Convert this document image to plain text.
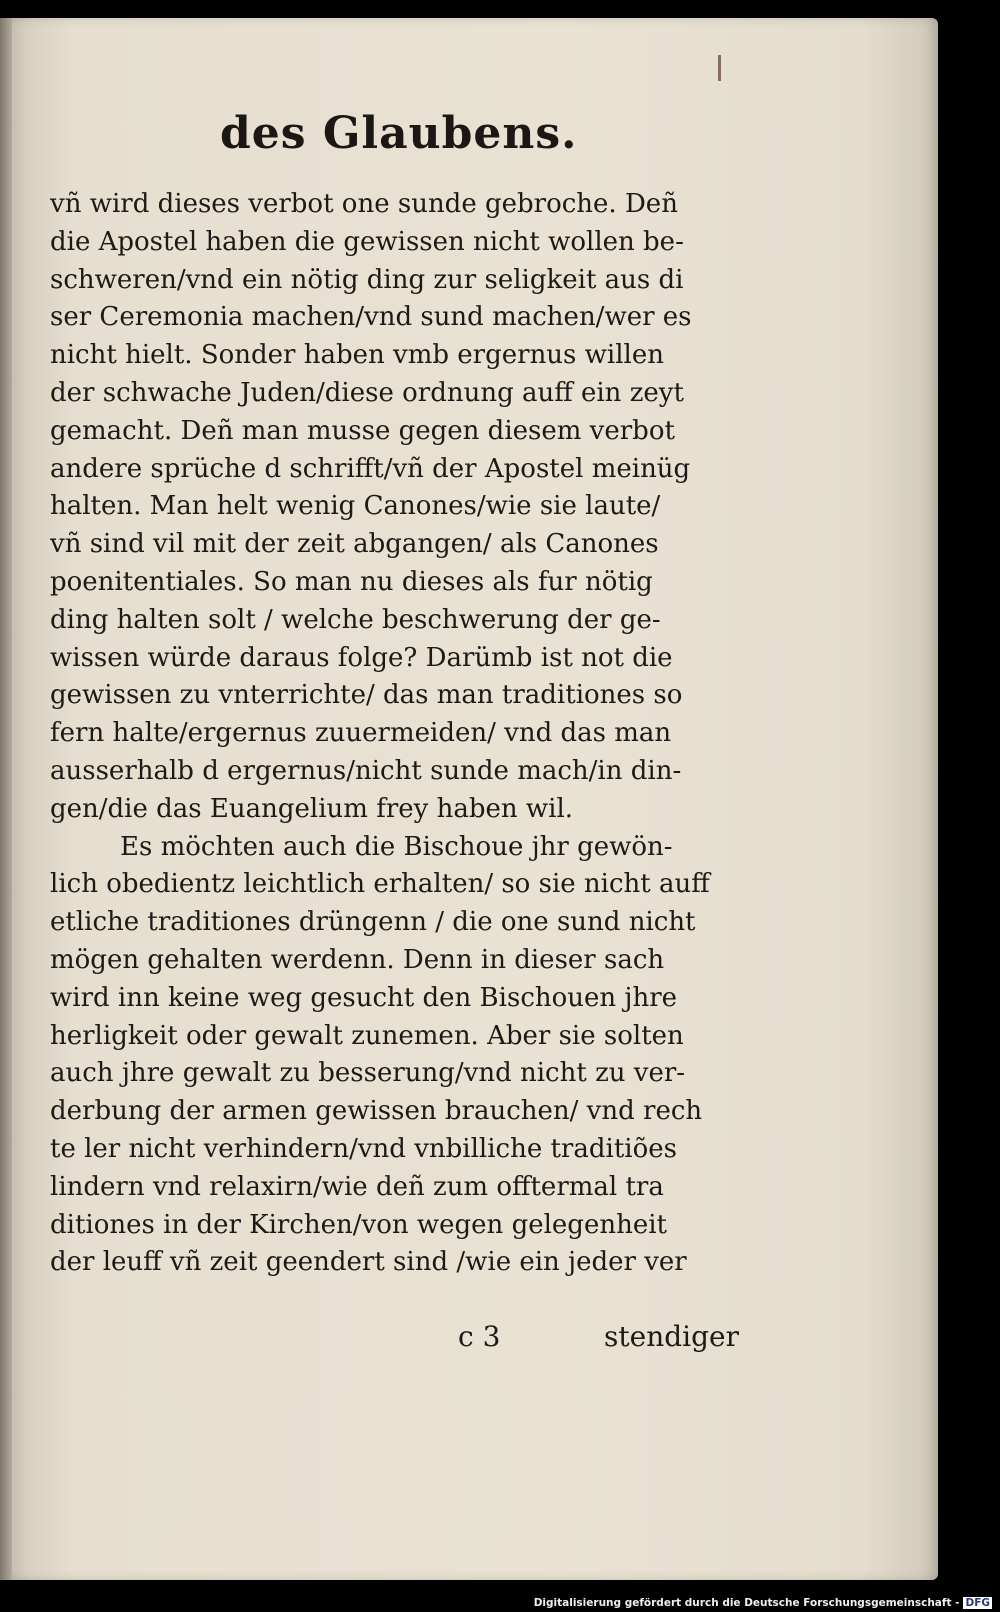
des Glaubens.
vñ wird dieses verbot one sunde gebroche. Deñ
die Apostel haben die gewissen nicht wollen be-
schweren/vnd ein nötig ding zur seligkeit aus di
ser Ceremonia machen/vnd sund machen/wer es
nicht hielt. Sonder haben vmb ergernus willen
der schwache Juden/diese ordnung auff ein zeyt
gemacht. Deñ man musse gegen diesem verbot
andere sprüche d schrifft/vñ der Apostel meinüg
halten. Man helt wenig Canones/wie sie laute/
vñ sind vil mit der zeit abgangen/ als Canones
poenitentiales. So man nu dieses als fur nötig
ding halten solt / welche beschwerung der ge-
wissen würde daraus folge? Darümb ist not die
gewissen zu vnterrichte/ das man traditiones so
fern halte/ergernus zuuermeiden/ vnd das man
ausserhalb d ergernus/nicht sunde mach/in din-
gen/die das Euangelium frey haben wil.
Es möchten auch die Bischoue jhr gewön-
lich obedientz leichtlich erhalten/ so sie nicht auff
etliche traditiones drüngenn / die one sund nicht
mögen gehalten werdenn. Denn in dieser sach
wird inn keine weg gesucht den Bischouen jhre
herligkeit oder gewalt zunemen. Aber sie solten
auch jhre gewalt zu besserung/vnd nicht zu ver-
derbung der armen gewissen brauchen/ vnd rech
te ler nicht verhindern/vnd vnbilliche traditiões
lindern vnd relaxirn/wie deñ zum offtermal tra
ditiones in der Kirchen/von wegen gelegenheit
der leuff vñ zeit geendert sind /wie ein jeder ver
c 3	stendiger
Digitalisierung gefördert durch die Deutsche Forschungsgemeinschaft - DFG
